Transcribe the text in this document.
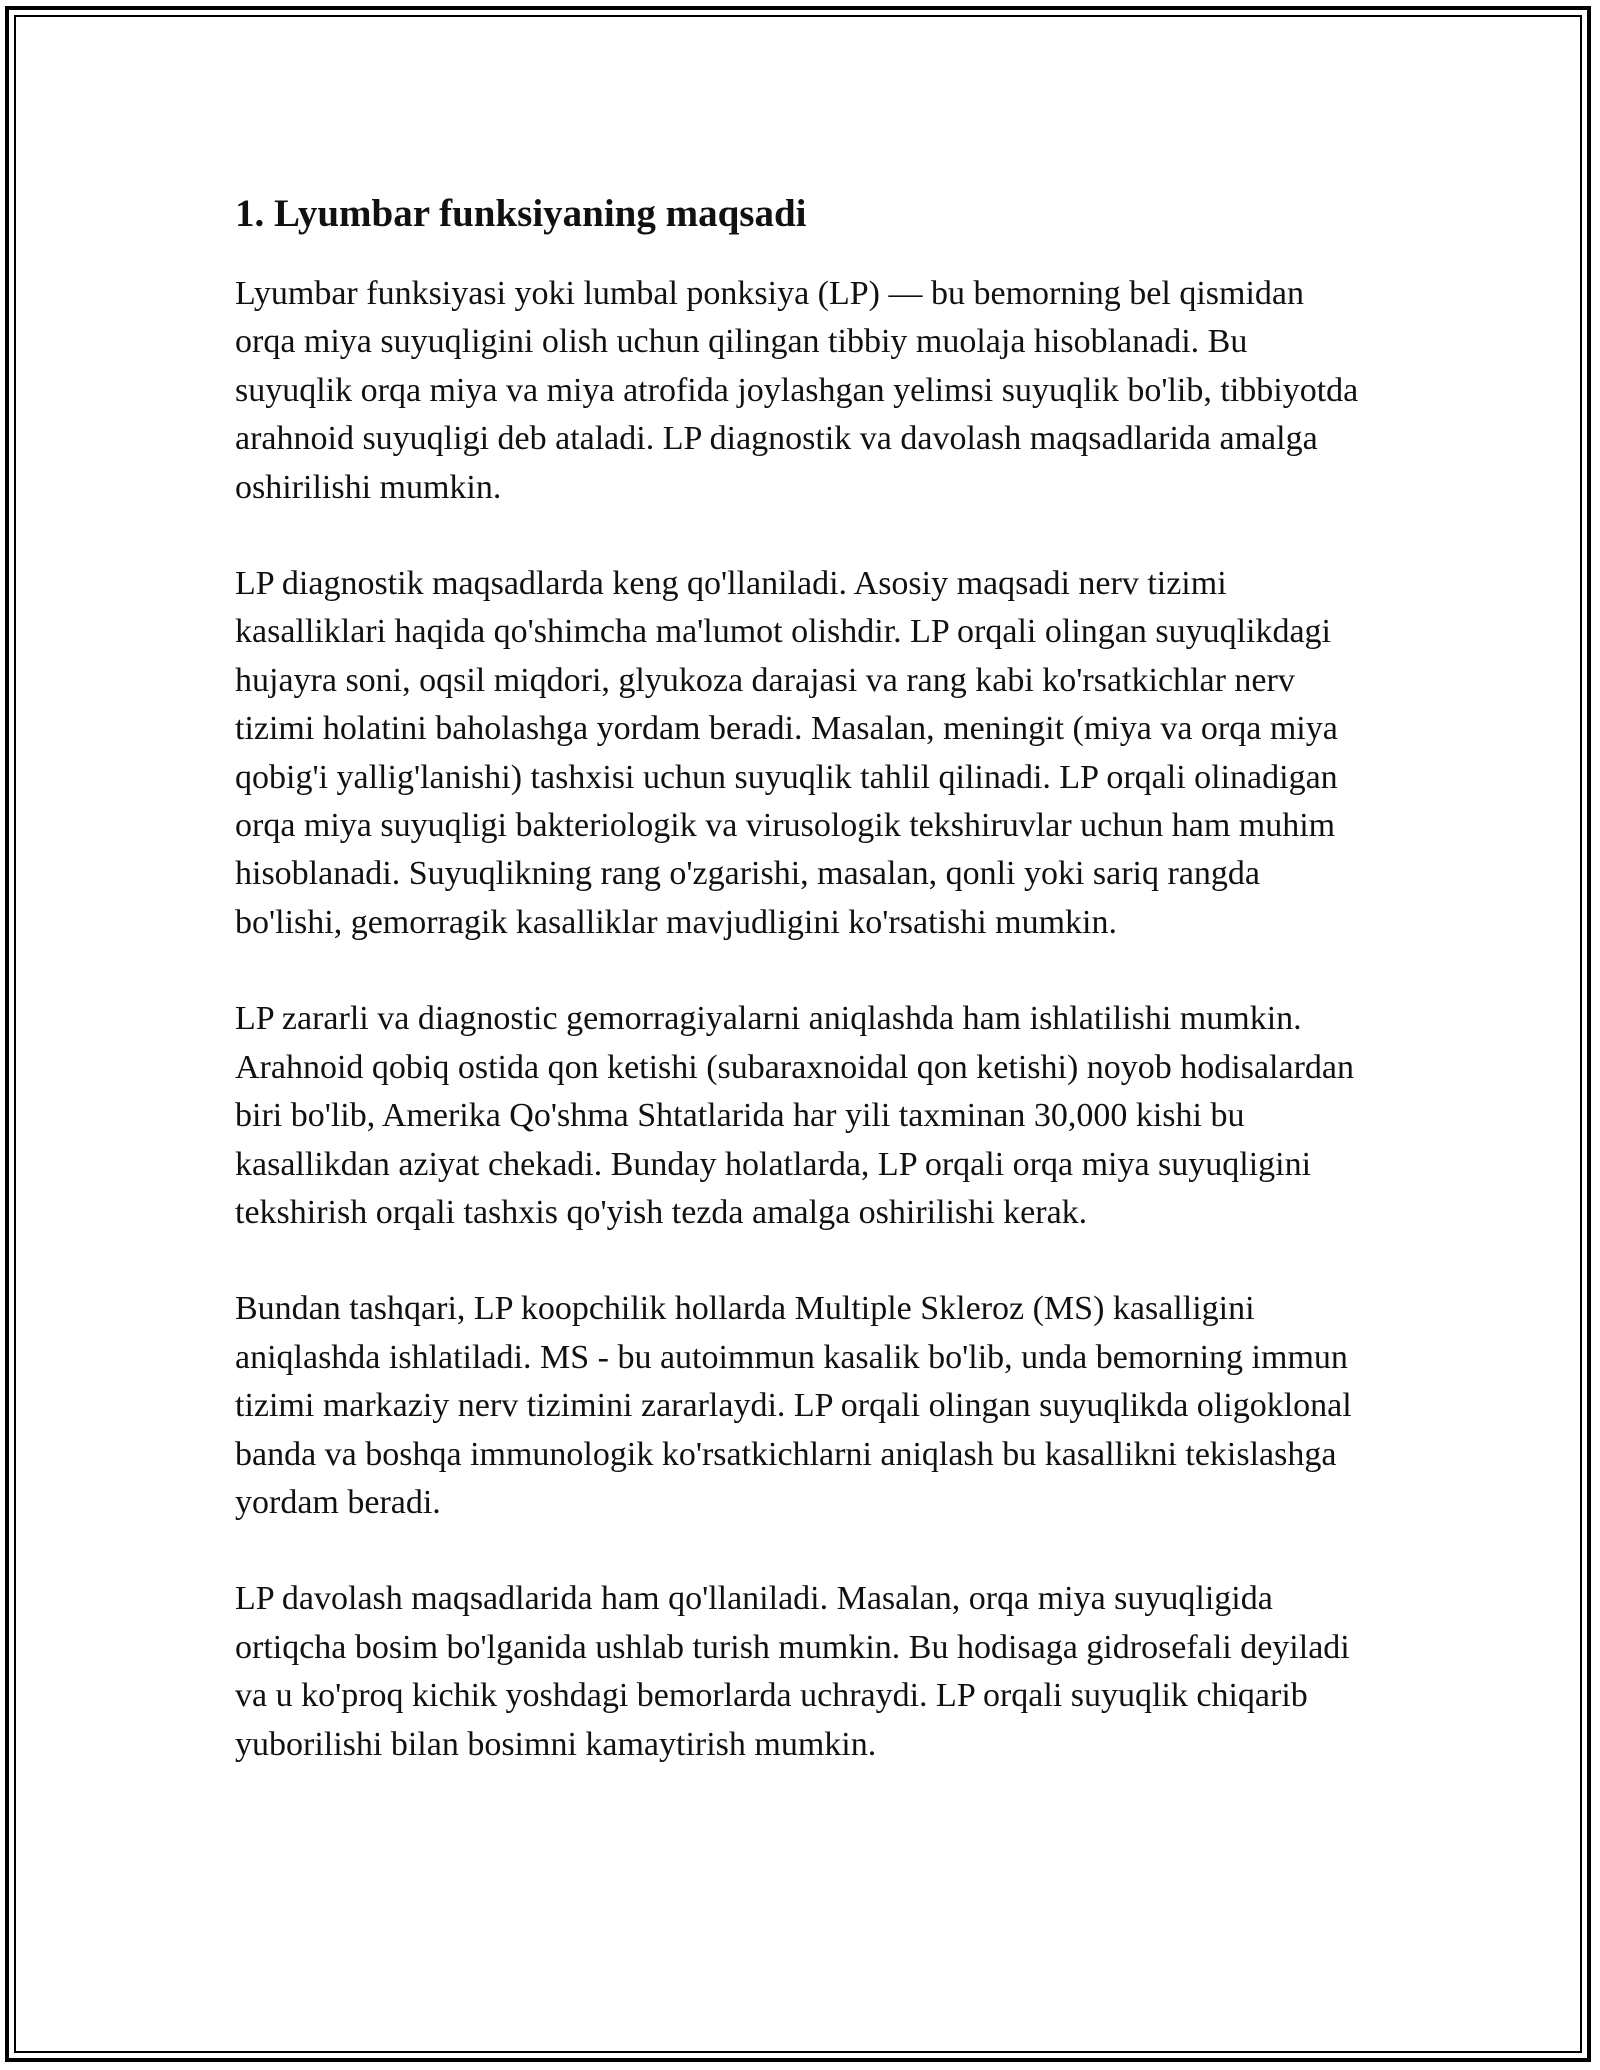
1. Lyumbar funksiyaning maqsadi

Lyumbar funksiyasi yoki lumbal ponksiya (LP) — bu bemorning bel qismidan orqa miya suyuqligini olish uchun qilingan tibbiy muolaja hisoblanadi. Bu suyuqlik orqa miya va miya atrofida joylashgan yelimsi suyuqlik bo'lib, tibbiyotda arahnoid suyuqligi deb ataladi. LP diagnostik va davolash maqsadlarida amalga oshirilishi mumkin.

LP diagnostik maqsadlarda keng qo'llaniladi. Asosiy maqsadi nerv tizimi kasalliklari haqida qo'shimcha ma'lumot olishdir. LP orqali olingan suyuqlikdagi hujayra soni, oqsil miqdori, glyukoza darajasi va rang kabi ko'rsatkichlar nerv tizimi holatini baholashga yordam beradi. Masalan, meningit (miya va orqa miya qobig'i yallig'lanishi) tashxisi uchun suyuqlik tahlil qilinadi. LP orqali olinadigan orqa miya suyuqligi bakteriologik va virusologik tekshiruvlar uchun ham muhim hisoblanadi. Suyuqlikning rang o'zgarishi, masalan, qonli yoki sariq rangda bo'lishi, gemorragik kasalliklar mavjudligini ko'rsatishi mumkin.

LP zararli va diagnostic gemorragiyalarni aniqlashda ham ishlatilishi mumkin. Arahnoid qobiq ostida qon ketishi (subaraxnoidal qon ketishi) noyob hodisalardan biri bo'lib, Amerika Qo'shma Shtatlarida har yili taxminan 30,000 kishi bu kasallikdan aziyat chekadi. Bunday holatlarda, LP orqali orqa miya suyuqligini tekshirish orqali tashxis qo'yish tezda amalga oshirilishi kerak.

Bundan tashqari, LP koopchilik hollarda Multiple Skleroz (MS) kasalligini aniqlashda ishlatiladi. MS - bu autoimmun kasalik bo'lib, unda bemorning immun tizimi markaziy nerv tizimini zararlaydi. LP orqali olingan suyuqlikda oligoklonal banda va boshqa immunologik ko'rsatkichlarni aniqlash bu kasallikni tekislashga yordam beradi.

LP davolash maqsadlarida ham qo'llaniladi. Masalan, orqa miya suyuqligida ortiqcha bosim bo'lganida ushlab turish mumkin. Bu hodisaga gidrosefali deyiladi va u ko'proq kichik yoshdagi bemorlarda uchraydi. LP orqali suyuqlik chiqarib yuborilishi bilan bosimni kamaytirish mumkin.
